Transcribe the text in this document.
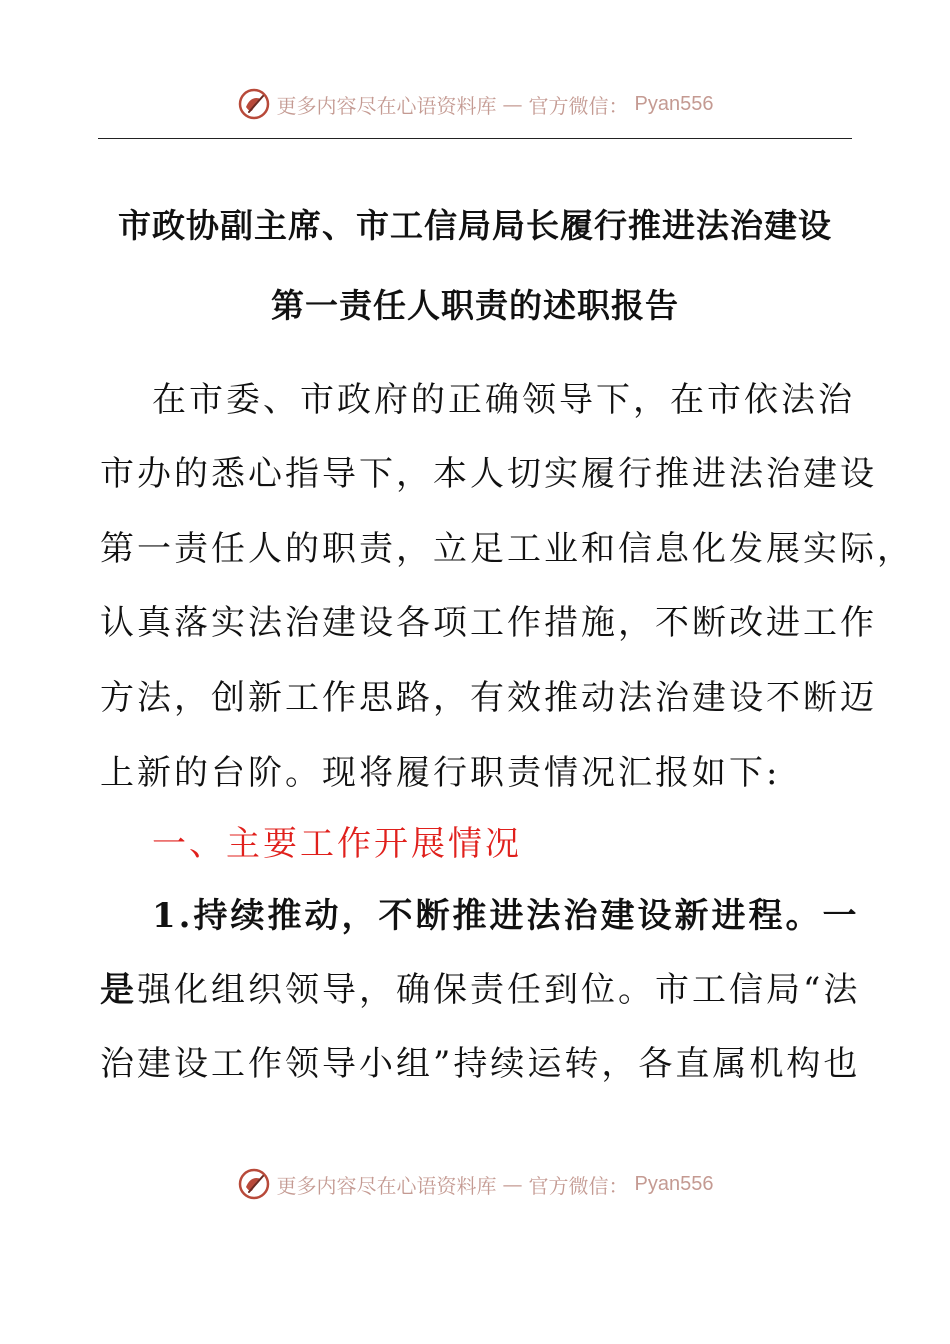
更多内容尽在心语资料库 — 官方微信： Pyan556
市政协副主席、市工信局局长履行推进法治建设
第一责任人职责的述职报告
在市委、市政府的正确领导下，在市依法治
市办的悉心指导下，本人切实履行推进法治建设
第一责任人的职责，立足工业和信息化发展实际，
认真落实法治建设各项工作措施，不断改进工作
方法，创新工作思路，有效推动法治建设不断迈
上新的台阶。现将履行职责情况汇报如下:
一、主要工作开展情况
1.持续推动，不断推进法治建设新进程。一
是强化组织领导，确保责任到位。市工信局“法
治建设工作领导小组”持续运转，各直属机构也
更多内容尽在心语资料库 — 官方微信： Pyan556
